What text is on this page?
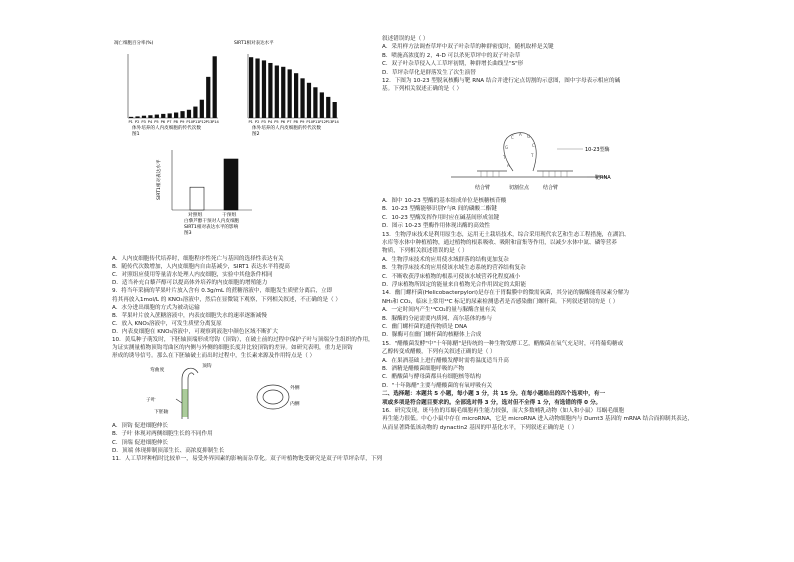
凋亡细胞百分率(%)
P1 P2 P3 P4 P5 P6 P7 P8 P9 P10 P11 P12 P13 P14
体外培养的人内皮细胞的传代次数
图1
SIRT1相对表达水平
P1 P2 P3 P4 P5 P6 P7 P8 P9 P10 P11 P12 P13 P14
体外培养的人内皮细胞的传代次数
图2
SIRT1相对表达水平
对照组	干预组
白藜芦醇干预对人内皮细胞
SIRT1相对表达水平的影响
图3
A．人内皮细胞传代培养时，细胞程序性死亡与基因的选择性表达有关
B．随传代次数增加，人内皮细胞内自由基减少，SIRT1 表达水平将提高
C．对照组应使用等量清水处理人内皮细胞，实验中其他条件相同
D．适当补充白藜芦醇可以提高体外培养的内皮细胞的增殖能力
9．将当年采摘的苹果叶片放入含有 0.3g/mL 的蔗糖溶液中，细胞发生质壁分离后，立即
将其再放入1mol/L 的 KNO₃溶液中，然后在显微镜下观察，下列相关叙述，不正确的是（ ）
A．水分进出细胞的方式为被动运输
B．苹果叶片放入蔗糖溶液中，内表皮细胞失水的速率逐渐减慢
C．放入 KNO₃溶液中，可发生质壁分离复原
D．内表皮细胞在 KNO₃溶液中，可观察到液泡中颜色区域不断扩大
10．黄瓜种子萌发时，下胚轴顶端形成弯钩（顶钩），在破土前的过程中保护子叶与顶端分生组织的作用，
为证实测量植物顶钩弯曲区的内侧与外侧的细胞长度并比较顶钩的差异。如研究表明，重力是顶钩
形成的诱导信号。那么在下胚轴破土而出时过程中，生长素来源及作用特点是（ ）
弯曲度
顶钩
子叶
下胚轴
外侧
内侧
A．顶钩 促进细胞伸长
B．子叶 体现对两侧细胞生长的不同作用
C．顶端 促进细胞伸长
D．顶端 体现抑制顶部生长、高浓度抑制生长
11．人工草坪种植时比较单一，易受外界因素的影响而杂草化。双子叶植物饱受研究是双子叶草坪杂草，下列
叙述错误的是（ ）
A．采用样方法调查草坪中双子叶杂草的种群密度时，随机取样是关键
B．喷施高浓度的 2，4-D 可以杀死草坪中的双子叶杂草
C．双子叶杂草侵入人工草坪初期，种群增长曲线呈"S"形
D．草坪杂草化是群落发生了次生演替
12．下图为 10-23 型脱氧核酶与靶 RNA 结合并进行定点切割的示意图，图中字母表示相应的碱
基。下列相关叙述正确的是（ ）
A．图中 10-23 型酶的基本组成单位是核糖核苷酸
B．10-23 型酶能够识别Y与R 间的磷酸二酯键
C．10-23 型酶发挥作用时应在碱基间形成氢键
D．图示 10-23 型酶作用体现出酶的高效性
13．生物浮床技术是利用原生态，运用无土栽培技术，综合采用现代农艺和生态工程措施，在湖泊、
水库等水体中种植植物，通过植物的根系吸收、吸附和富集等作用，以减少水体中氮、磷等营养
物质，下列相关叙述错误的是（ ）
A．生物浮床技术的应用使水域群落的结构更加复杂
B．生物浮床技术的应用使该水域生态系统的营养结构复杂
C．不断收获浮床植物的根系可使该水域营养化程度减小
D．浮床植物所固定的能量来自植物光合作用固定的太阳能
14．幽门螺杆菌(Helicobacterpylori)是存在于胃黏膜中的微需氧菌，其分泌的脲酶能将尿素分解为
NH₃和 CO₂，临床上常用¹⁴C 标记的尿素检测患者是否感染幽门螺杆菌。下列叙述错误的是（ ）
A．一定时间内产生¹⁴CO₂的量与脲酶含量有关
B．脲酶的分泌需要内质网、高尔基体的参与
C．幽门螺杆菌的遗传物质是 DNA
D．脲酶可在幽门螺杆菌的核糖体上合成
15．"醋酸菌发酵"中"十年陈醋"是传统的一种生物发酵工艺，醋酸菌在氧气充足时，可将葡萄糖或
乙醇转变成醋酸，下列有关叙述正确的是（ ）
A．在果酒基础上进行醋酸发酵时需将温度适当升高
B．酒精是醋酸菌细胞呼吸的产物
C．醋酸菌与酵母菌都具有细胞核等结构
D．"十年陈醋"主要与醋酸菌的有氧呼吸有关
二、选择题：本题共 5 小题，每小题 3 分，共 15 分。在每小题给出的四个选项中，有一
项或多项是符合题目要求的。全部选对得 3 分，选对但不全得 1 分，有选错的得 0 分。
16．研究发现，斑马鱼的耳蜗毛细胞再生能力较强，而大多数哺乳动物（如人和小鼠）耳蜗毛细胞
再生能力很低。中心小鼠中存在 microRNA，它是 microRNA 进入动物细胞内与 Dumt3 基因的 mRNA 结合而抑制其表达，
从而显著降低该动物的 dynactin2 基因的甲基化水平，下列叙述正确的是（ ）
G
C
A G
C
T
T
A
10-23型酶
靶RNA
结合臂	切割位点	结合臂
